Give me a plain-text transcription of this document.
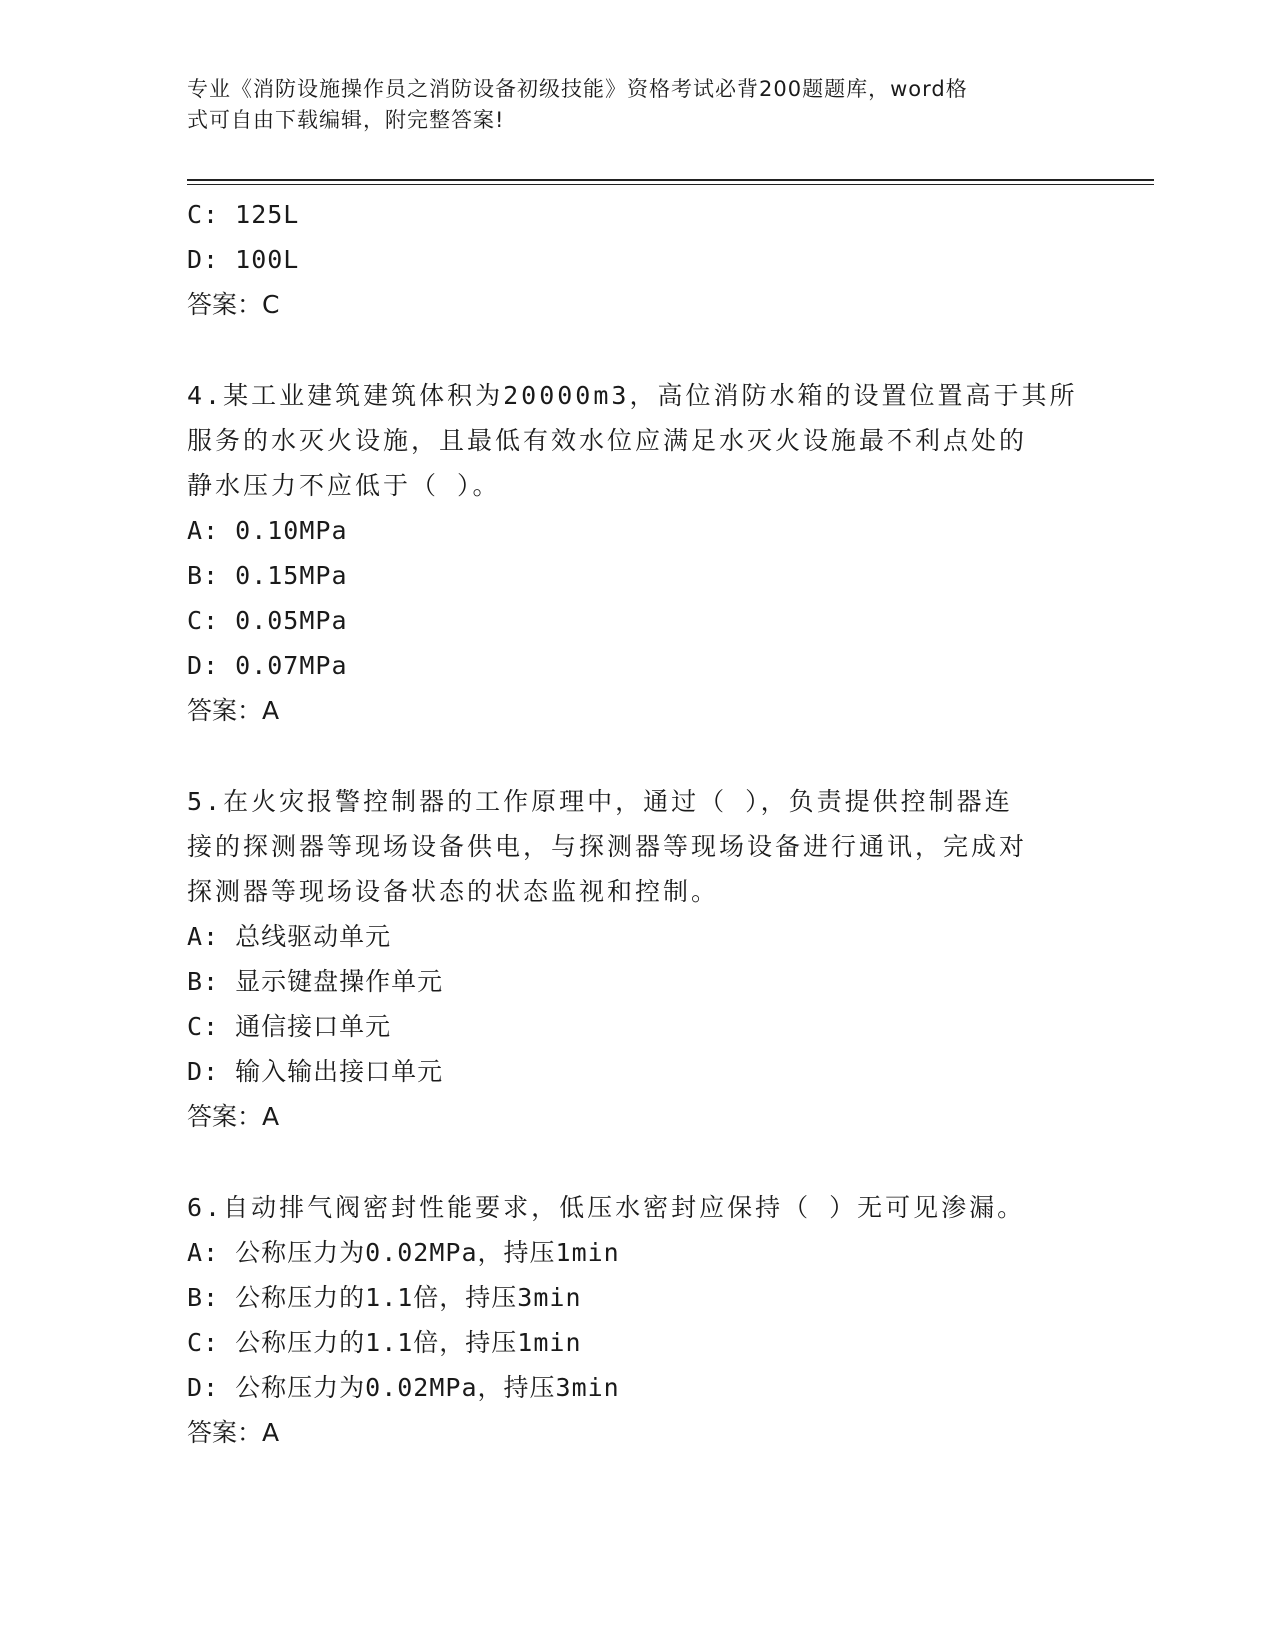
专业《消防设施操作员之消防设备初级技能》资格考试必背200题题库，word格
式可自由下载编辑，附完整答案!
C: 125L
D: 100L
答案：C
4.某工业建筑建筑体积为20000m3，高位消防水箱的设置位置高于其所
服务的水灭火设施，且最低有效水位应满足水灭火设施最不利点处的
静水压力不应低于（ ）。
A: 0.10MPa
B: 0.15MPa
C: 0.05MPa
D: 0.07MPa
答案：A
5.在火灾报警控制器的工作原理中，通过（ ），负责提供控制器连
接的探测器等现场设备供电，与探测器等现场设备进行通讯，完成对
探测器等现场设备状态的状态监视和控制。
A: 总线驱动单元
B: 显示键盘操作单元
C: 通信接口单元
D: 输入输出接口单元
答案：A
6.自动排气阀密封性能要求，低压水密封应保持（ ）无可见渗漏。
A: 公称压力为0.02MPa，持压1min
B: 公称压力的1.1倍，持压3min
C: 公称压力的1.1倍，持压1min
D: 公称压力为0.02MPa，持压3min
答案：A
